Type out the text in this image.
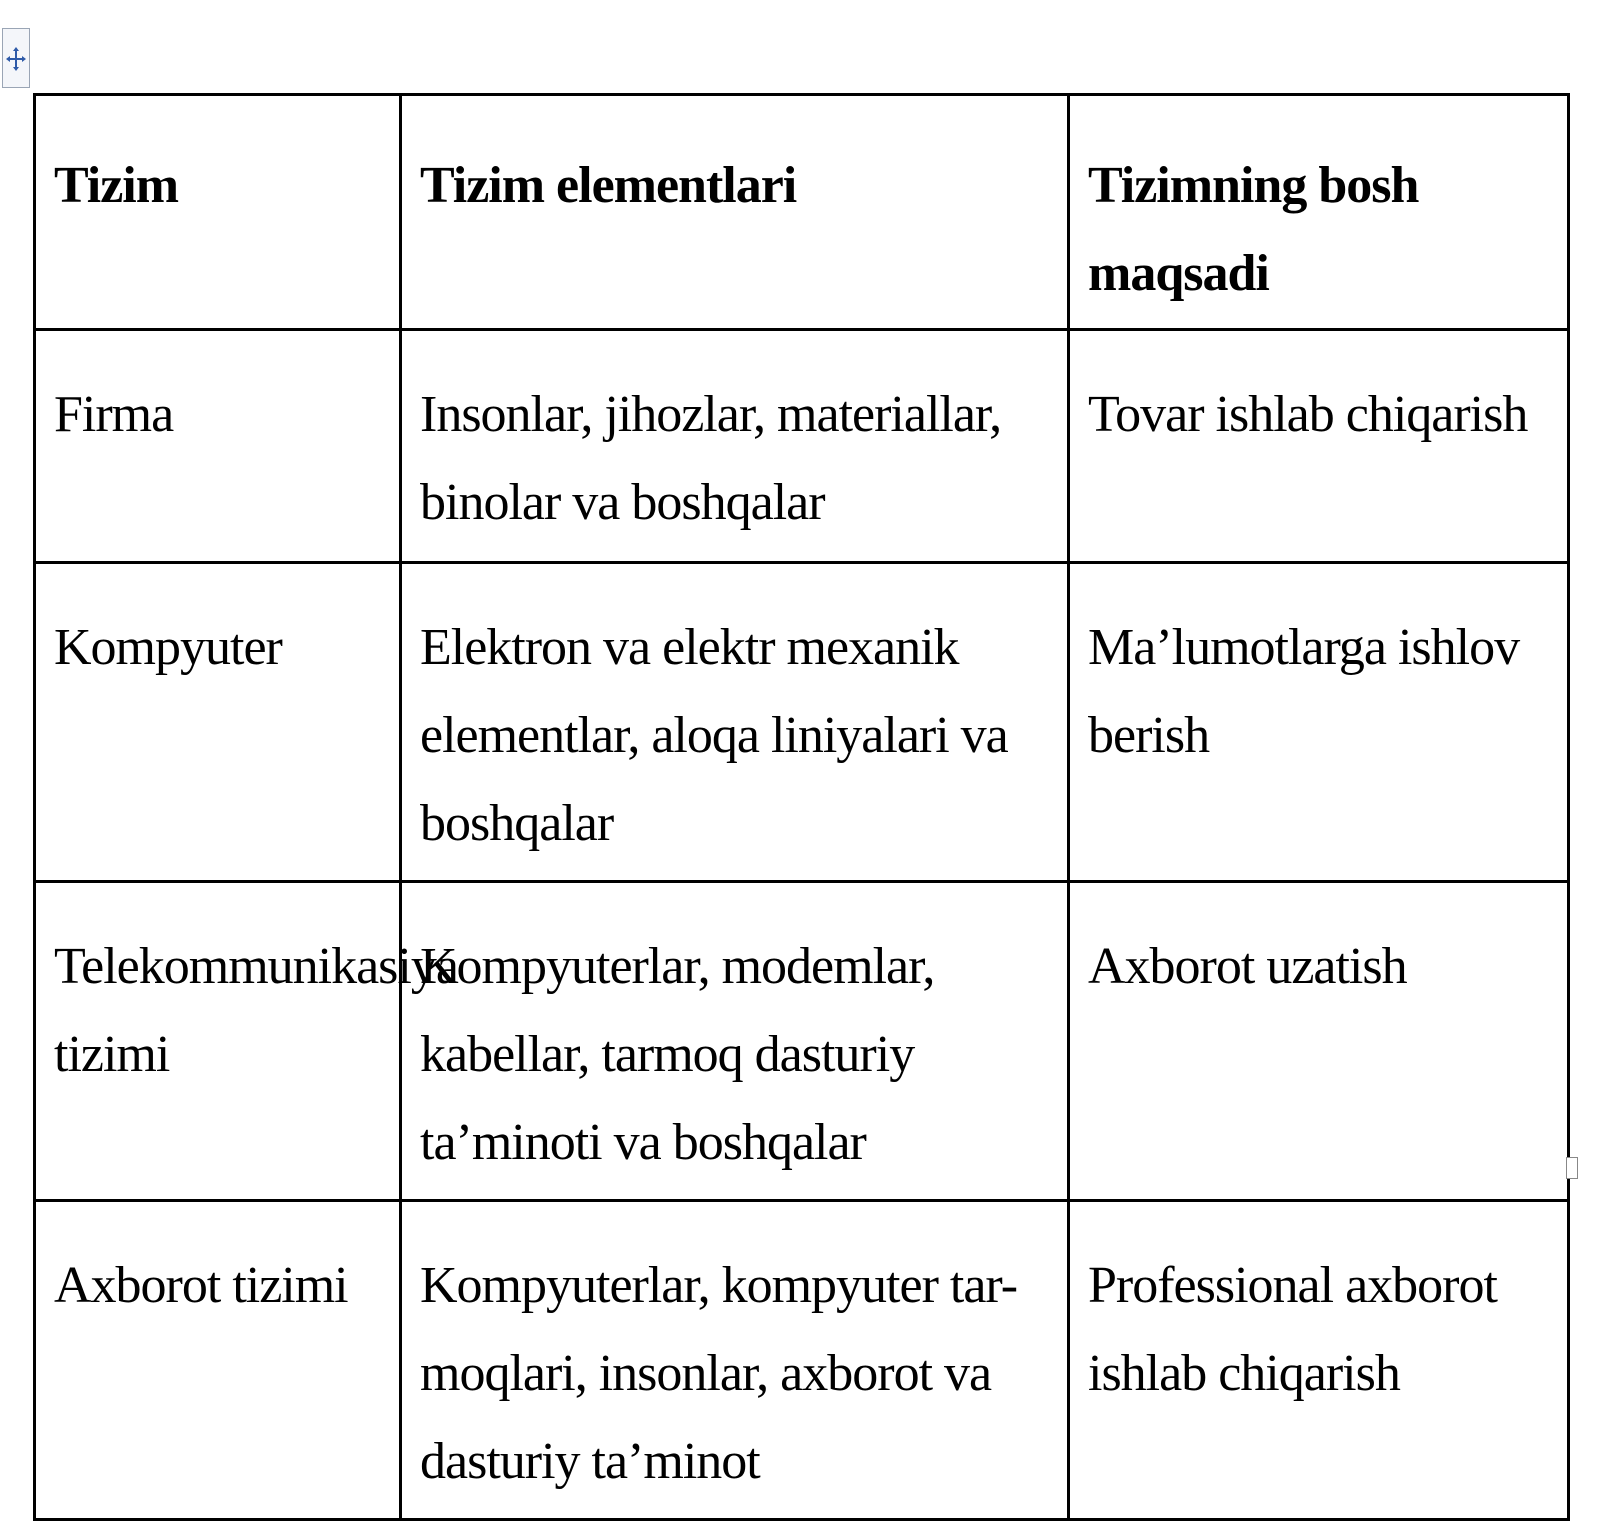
Tizim	Tizim elementlari	Tizimning bosh maqsadi
Firma	Insonlar, jihozlar, materiallar, binolar va boshqalar	Tovar ishlab chiqarish
Kompyuter	Elektron va elektr mexanik elementlar, aloqa liniyalari va boshqalar	Ma’lumotlarga ishlov berish
Telekommunikasiya tizimi	Kompyuterlar, modemlar, kabellar, tarmoq dasturiy ta’minoti va boshqalar	Axborot uzatish
Axborot tizimi	Kompyuterlar, kompyuter tar-moqlari, insonlar, axborot va dasturiy ta’minot	Professional axborot ishlab chiqarish
